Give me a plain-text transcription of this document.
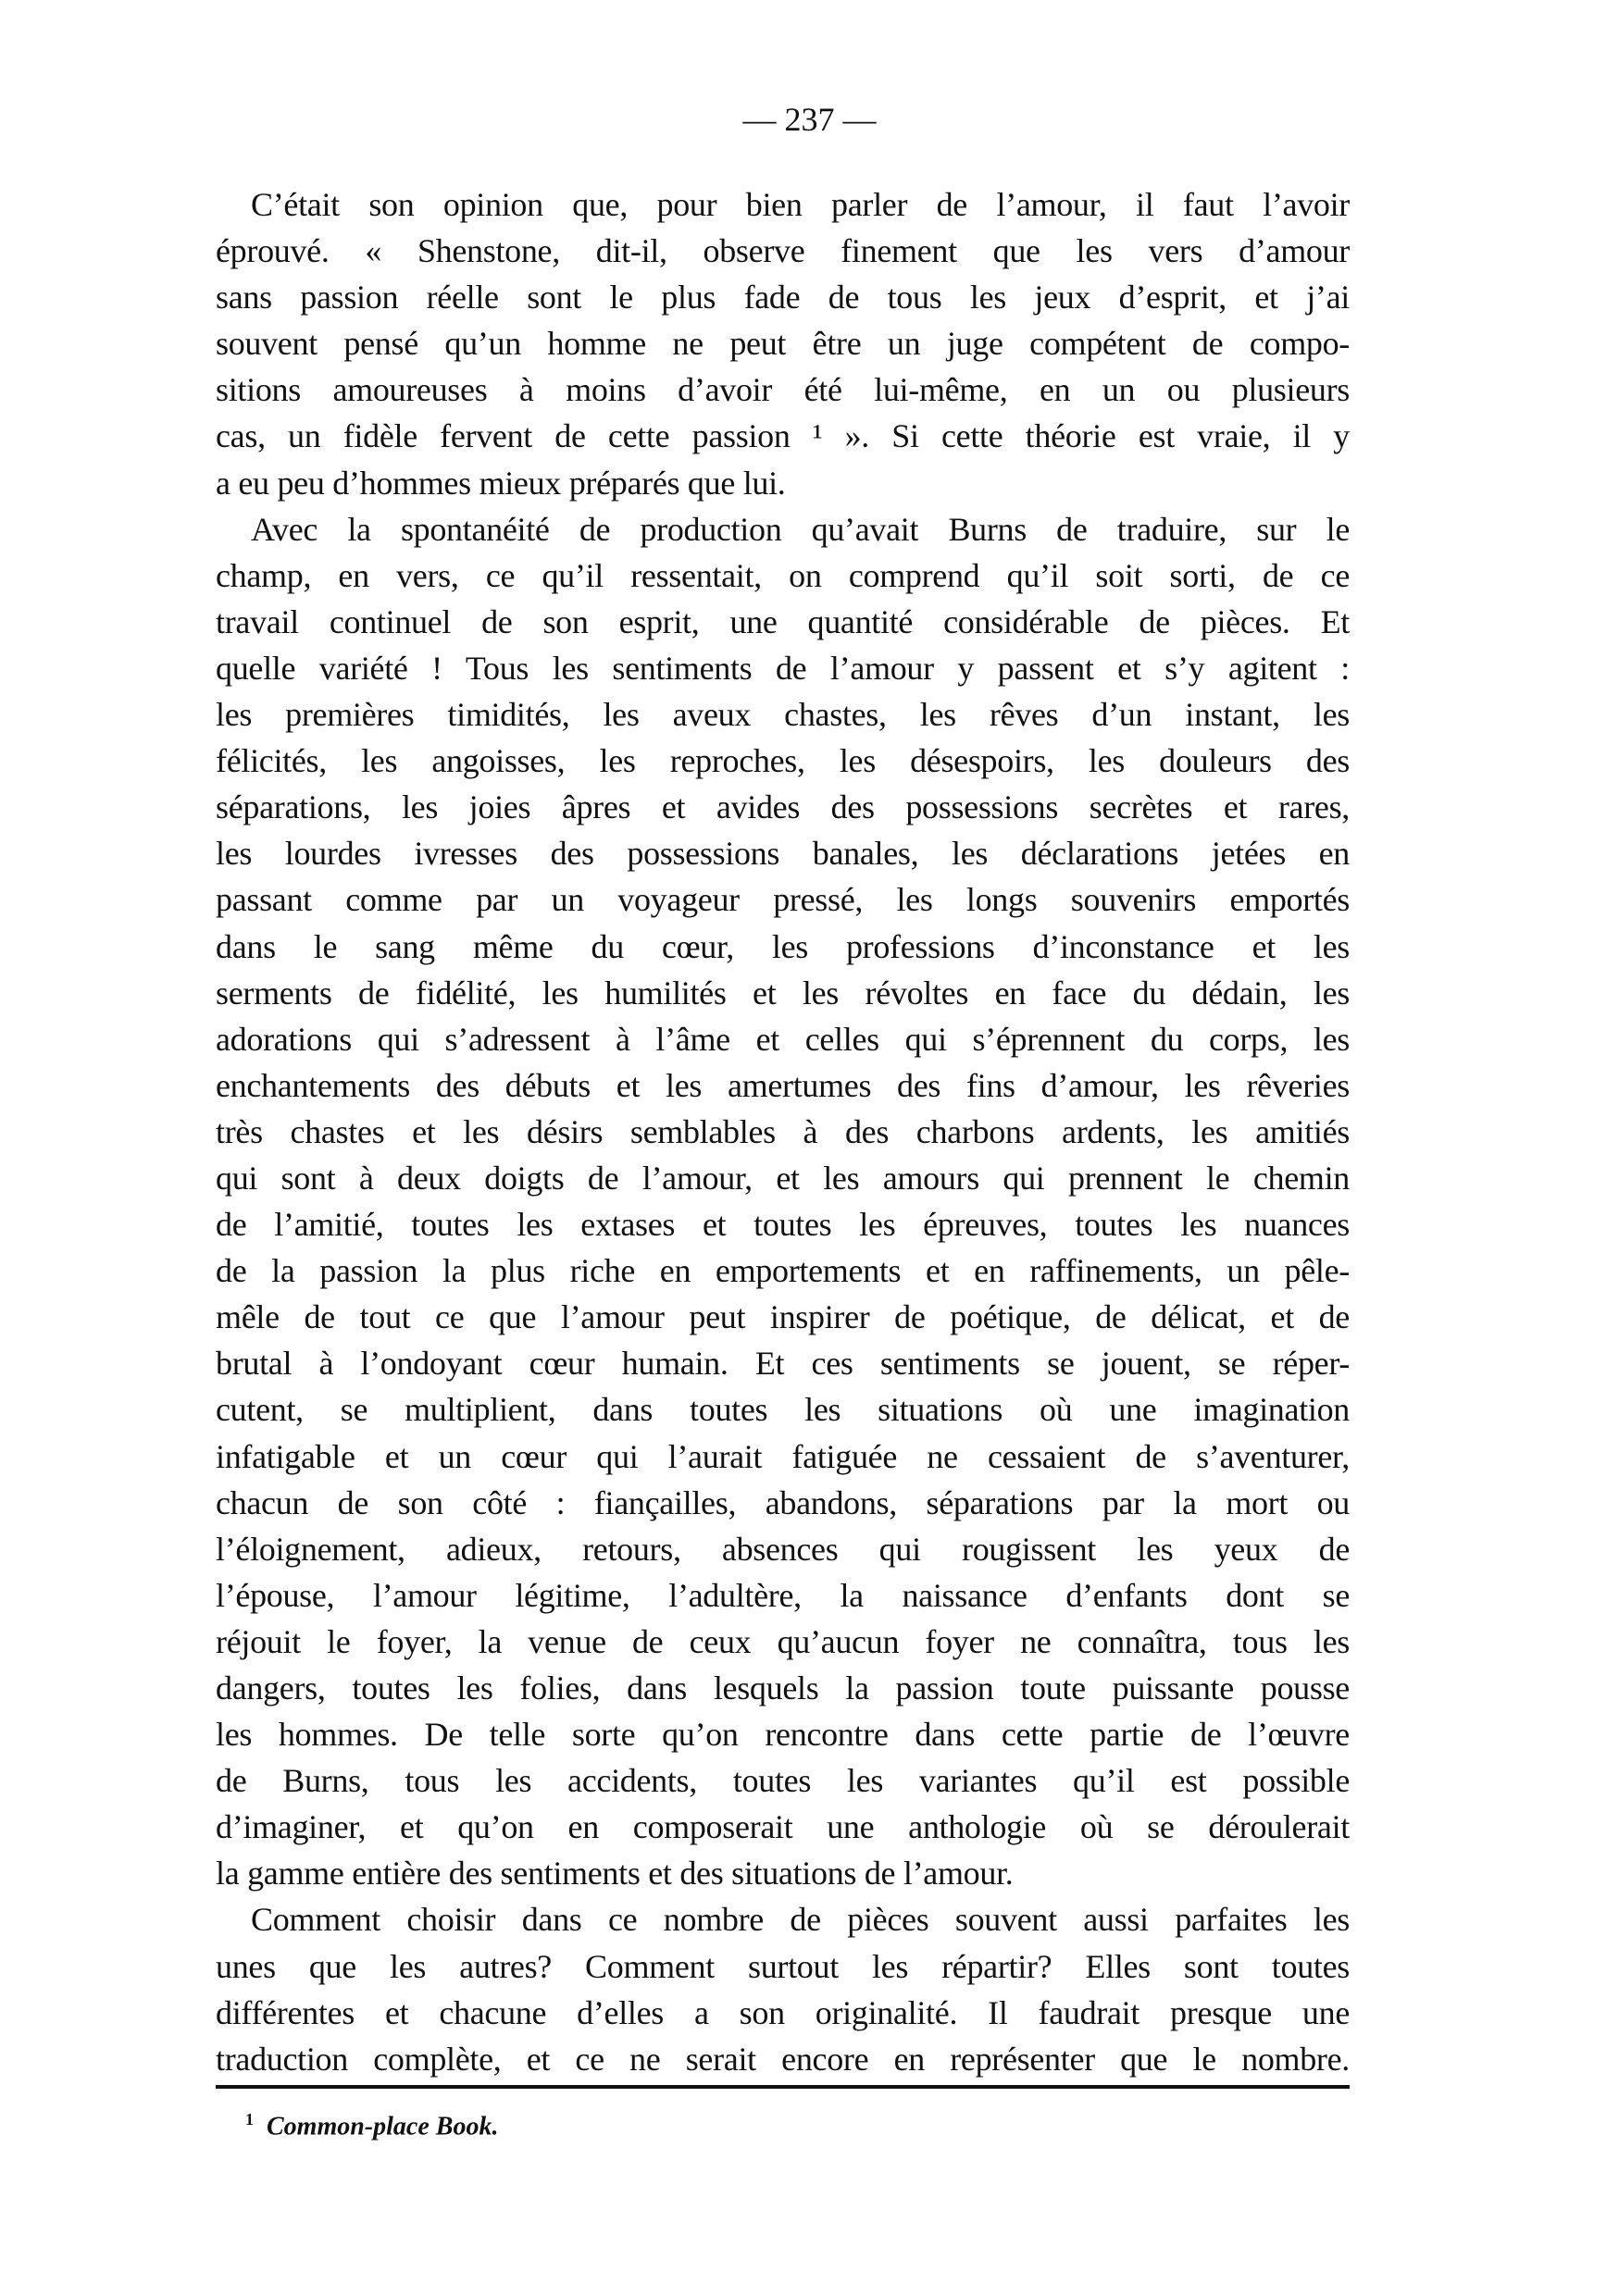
— 237 —
C’était son opinion que, pour bien parler de l’amour, il faut l’avoir
éprouvé. « Shenstone, dit-il, observe finement que les vers d’amour
sans passion réelle sont le plus fade de tous les jeux d’esprit, et j’ai
souvent pensé qu’un homme ne peut être un juge compétent de compo-
sitions amoureuses à moins d’avoir été lui-même, en un ou plusieurs
cas, un fidèle fervent de cette passion ¹ ». Si cette théorie est vraie, il y
a eu peu d’hommes mieux préparés que lui.
Avec la spontanéité de production qu’avait Burns de traduire, sur le
champ, en vers, ce qu’il ressentait, on comprend qu’il soit sorti, de ce
travail continuel de son esprit, une quantité considérable de pièces. Et
quelle variété ! Tous les sentiments de l’amour y passent et s’y agitent :
les premières timidités, les aveux chastes, les rêves d’un instant, les
félicités, les angoisses, les reproches, les désespoirs, les douleurs des
séparations, les joies âpres et avides des possessions secrètes et rares,
les lourdes ivresses des possessions banales, les déclarations jetées en
passant comme par un voyageur pressé, les longs souvenirs emportés
dans le sang même du cœur, les professions d’inconstance et les
serments de fidélité, les humilités et les révoltes en face du dédain, les
adorations qui s’adressent à l’âme et celles qui s’éprennent du corps, les
enchantements des débuts et les amertumes des fins d’amour, les rêveries
très chastes et les désirs semblables à des charbons ardents, les amitiés
qui sont à deux doigts de l’amour, et les amours qui prennent le chemin
de l’amitié, toutes les extases et toutes les épreuves, toutes les nuances
de la passion la plus riche en emportements et en raffinements, un pêle-
mêle de tout ce que l’amour peut inspirer de poétique, de délicat, et de
brutal à l’ondoyant cœur humain. Et ces sentiments se jouent, se réper-
cutent, se multiplient, dans toutes les situations où une imagination
infatigable et un cœur qui l’aurait fatiguée ne cessaient de s’aventurer,
chacun de son côté : fiançailles, abandons, séparations par la mort ou
l’éloignement, adieux, retours, absences qui rougissent les yeux de
l’épouse, l’amour légitime, l’adultère, la naissance d’enfants dont se
réjouit le foyer, la venue de ceux qu’aucun foyer ne connaîtra, tous les
dangers, toutes les folies, dans lesquels la passion toute puissante pousse
les hommes. De telle sorte qu’on rencontre dans cette partie de l’œuvre
de Burns, tous les accidents, toutes les variantes qu’il est possible
d’imaginer, et qu’on en composerait une anthologie où se déroulerait
la gamme entière des sentiments et des situations de l’amour.
Comment choisir dans ce nombre de pièces souvent aussi parfaites les
unes que les autres? Comment surtout les répartir? Elles sont toutes
différentes et chacune d’elles a son originalité. Il faudrait presque une
traduction complète, et ce ne serait encore en représenter que le nombre.
$^1$ Common-place Book.
